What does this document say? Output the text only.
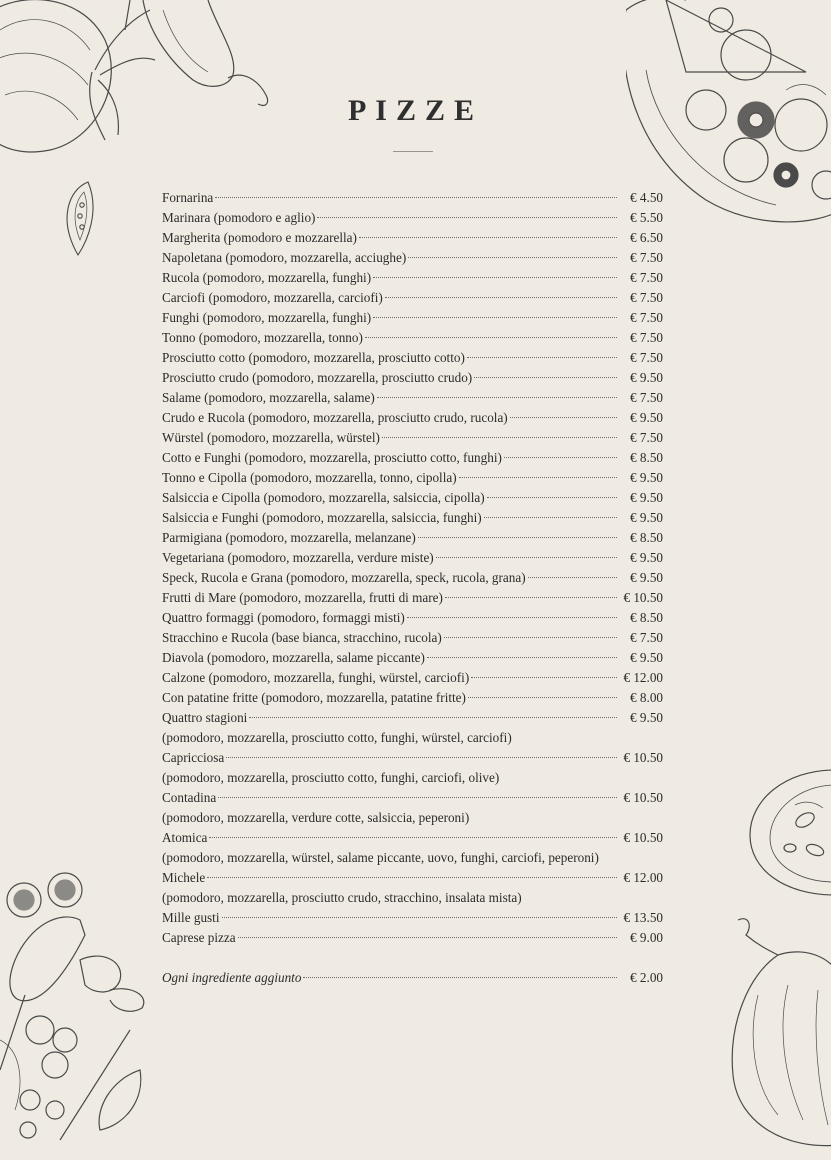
PIZZE
Fornarina	€ 4.50
Marinara (pomodoro e aglio)	€ 5.50
Margherita (pomodoro e mozzarella)	€ 6.50
Napoletana (pomodoro, mozzarella, acciughe)	€ 7.50
Rucola (pomodoro, mozzarella, funghi)	€ 7.50
Carciofi (pomodoro, mozzarella, carciofi)	€ 7.50
Funghi (pomodoro, mozzarella, funghi)	€ 7.50
Tonno (pomodoro, mozzarella, tonno)	€ 7.50
Prosciutto cotto (pomodoro, mozzarella, prosciutto cotto)	€ 7.50
Prosciutto crudo (pomodoro, mozzarella, prosciutto crudo)	€ 9.50
Salame (pomodoro, mozzarella, salame)	€ 7.50
Crudo e Rucola (pomodoro, mozzarella, prosciutto crudo, rucola)	€ 9.50
Würstel (pomodoro, mozzarella, würstel)	€ 7.50
Cotto e Funghi (pomodoro, mozzarella, prosciutto cotto, funghi)	€ 8.50
Tonno e Cipolla (pomodoro, mozzarella, tonno, cipolla)	€ 9.50
Salsiccia e Cipolla (pomodoro, mozzarella, salsiccia, cipolla)	€ 9.50
Salsiccia e Funghi (pomodoro, mozzarella, salsiccia, funghi)	€ 9.50
Parmigiana (pomodoro, mozzarella, melanzane)	€ 8.50
Vegetariana (pomodoro, mozzarella, verdure miste)	€ 9.50
Speck, Rucola e Grana (pomodoro, mozzarella, speck, rucola, grana)	€ 9.50
Frutti di Mare (pomodoro, mozzarella, frutti di mare)	€ 10.50
Quattro formaggi (pomodoro, formaggi misti)	€ 8.50
Stracchino e Rucola (base bianca, stracchino, rucola)	€ 7.50
Diavola (pomodoro, mozzarella, salame piccante)	€ 9.50
Calzone (pomodoro, mozzarella, funghi, würstel, carciofi)	€ 12.00
Con patatine fritte (pomodoro, mozzarella, patatine fritte)	€ 8.00
Quattro stagioni	€ 9.50
(pomodoro, mozzarella, prosciutto cotto, funghi, würstel, carciofi)
Capricciosa	€ 10.50
(pomodoro, mozzarella, prosciutto cotto, funghi, carciofi, olive)
Contadina	€ 10.50
(pomodoro, mozzarella, verdure cotte, salsiccia, peperoni)
Atomica	€ 10.50
(pomodoro, mozzarella, würstel, salame piccante, uovo, funghi, carciofi, peperoni)
Michele	€ 12.00
(pomodoro, mozzarella, prosciutto crudo, stracchino, insalata mista)
Mille gusti	€ 13.50
Caprese pizza	€ 9.00
Ogni ingrediente aggiunto	€ 2.00
